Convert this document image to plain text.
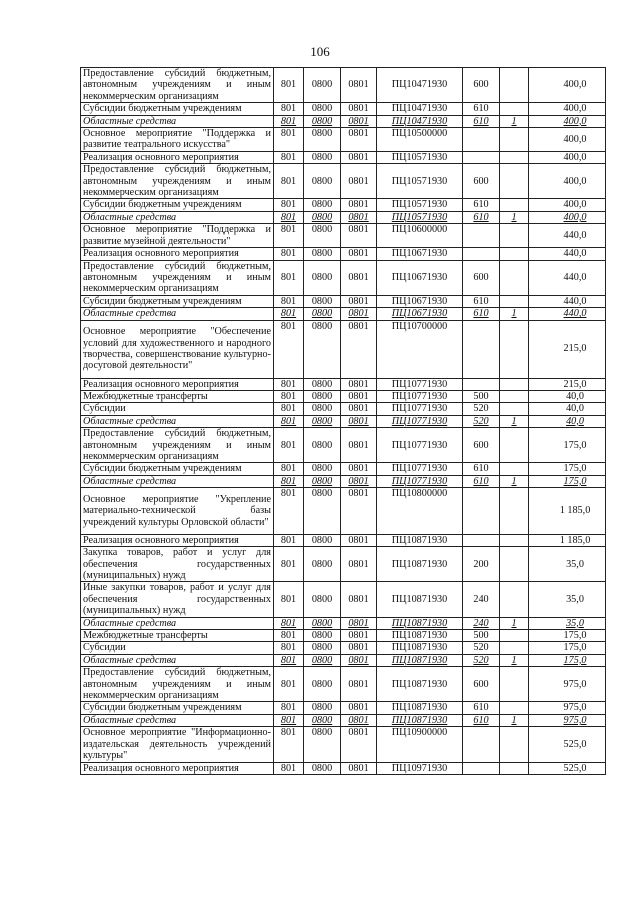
106
Предоставление субсидий бюджетным, автономным учреждениям и иным некоммерческим организациям	801	0800	0801	ПЦ10471930	600		400,0
Субсидии бюджетным учреждениям	801	0800	0801	ПЦ10471930	610		400,0
Областные средства	801	0800	0801	ПЦ10471930	610	1	400,0
Основное мероприятие "Поддержка и развитие театрального искусства"	801	0800	0801	ПЦ10500000			400,0
Реализация основного мероприятия	801	0800	0801	ПЦ10571930			400,0
Предоставление субсидий бюджетным, автономным учреждениям и иным некоммерческим организациям	801	0800	0801	ПЦ10571930	600		400,0
Субсидии бюджетным учреждениям	801	0800	0801	ПЦ10571930	610		400,0
Областные средства	801	0800	0801	ПЦ10571930	610	1	400,0
Основное мероприятие "Поддержка и развитие музейной деятельности"	801	0800	0801	ПЦ10600000			440,0
Реализация основного мероприятия	801	0800	0801	ПЦ10671930			440,0
Предоставление субсидий бюджетным, автономным учреждениям и иным некоммерческим организациям	801	0800	0801	ПЦ10671930	600		440,0
Субсидии бюджетным учреждениям	801	0800	0801	ПЦ10671930	610		440,0
Областные средства	801	0800	0801	ПЦ10671930	610	1	440,0
Основное мероприятие "Обеспечение условий для художественного и народного творчества, совершенствование культурно-досуговой деятельности"	801	0800	0801	ПЦ10700000			215,0
Реализация основного мероприятия	801	0800	0801	ПЦ10771930			215,0
Межбюджетные трансферты	801	0800	0801	ПЦ10771930	500		40,0
Субсидии	801	0800	0801	ПЦ10771930	520		40,0
Областные средства	801	0800	0801	ПЦ10771930	520	1	40,0
Предоставление субсидий бюджетным, автономным учреждениям и иным некоммерческим организациям	801	0800	0801	ПЦ10771930	600		175,0
Субсидии бюджетным учреждениям	801	0800	0801	ПЦ10771930	610		175,0
Областные средства	801	0800	0801	ПЦ10771930	610	1	175,0
Основное мероприятие "Укрепление материально-технической базы учреждений культуры Орловской области"	801	0800	0801	ПЦ10800000			1 185,0
Реализация основного мероприятия	801	0800	0801	ПЦ10871930			1 185,0
Закупка товаров, работ и услуг для обеспечения государственных (муниципальных) нужд	801	0800	0801	ПЦ10871930	200		35,0
Иные закупки товаров, работ и услуг для обеспечения государственных (муниципальных) нужд	801	0800	0801	ПЦ10871930	240		35,0
Областные средства	801	0800	0801	ПЦ10871930	240	1	35,0
Межбюджетные трансферты	801	0800	0801	ПЦ10871930	500		175,0
Субсидии	801	0800	0801	ПЦ10871930	520		175,0
Областные средства	801	0800	0801	ПЦ10871930	520	1	175,0
Предоставление субсидий бюджетным, автономным учреждениям и иным некоммерческим организациям	801	0800	0801	ПЦ10871930	600		975,0
Субсидии бюджетным учреждениям	801	0800	0801	ПЦ10871930	610		975,0
Областные средства	801	0800	0801	ПЦ10871930	610	1	975,0
Основное мероприятие "Информационно-издательская деятельность учреждений культуры"	801	0800	0801	ПЦ10900000			525,0
Реализация основного мероприятия	801	0800	0801	ПЦ10971930			525,0
